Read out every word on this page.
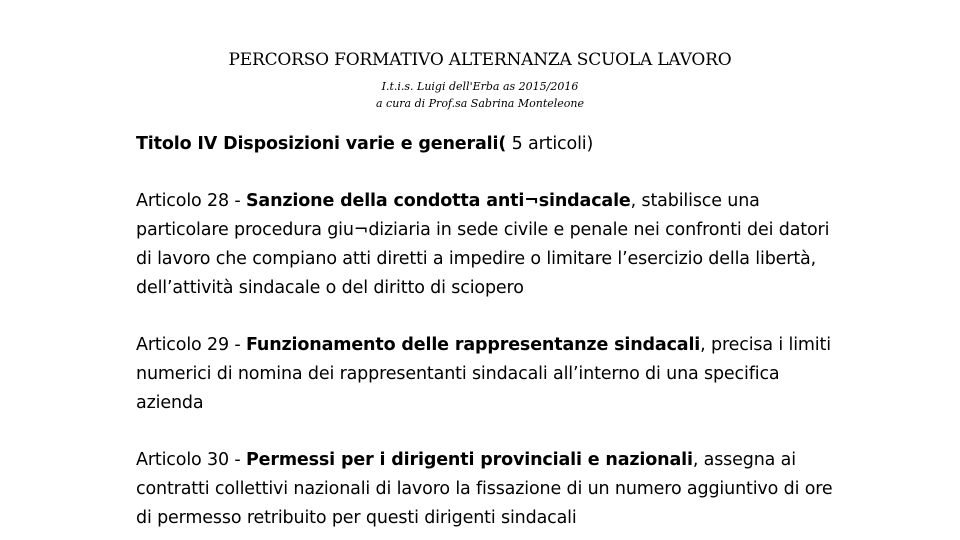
PERCORSO FORMATIVO ALTERNANZA SCUOLA LAVORO
I.t.i.s. Luigi dell'Erba as 2015/2016
a cura di Prof.sa Sabrina Monteleone
Titolo IV Disposizioni varie e generali( 5 articoli)

Articolo 28 - Sanzione della condotta anti¬sindacale, stabilisce una particolare procedura giu¬diziaria in sede civile e penale nei confronti dei datori di lavoro che compiano atti diretti a impedire o limitare l’esercizio della libertà, dell’attività sindacale o del diritto di sciopero

Articolo 29 - Funzionamento delle rappresentanze sindacali, precisa i limiti numerici di nomina dei rappresentanti sindacali all’interno di una specifica azienda

Articolo 30 - Permessi per i dirigenti provinciali e nazionali, assegna ai contratti collettivi nazionali di lavoro la fissazione di un numero aggiuntivo di ore di permesso retribuito per questi dirigenti sindacali
